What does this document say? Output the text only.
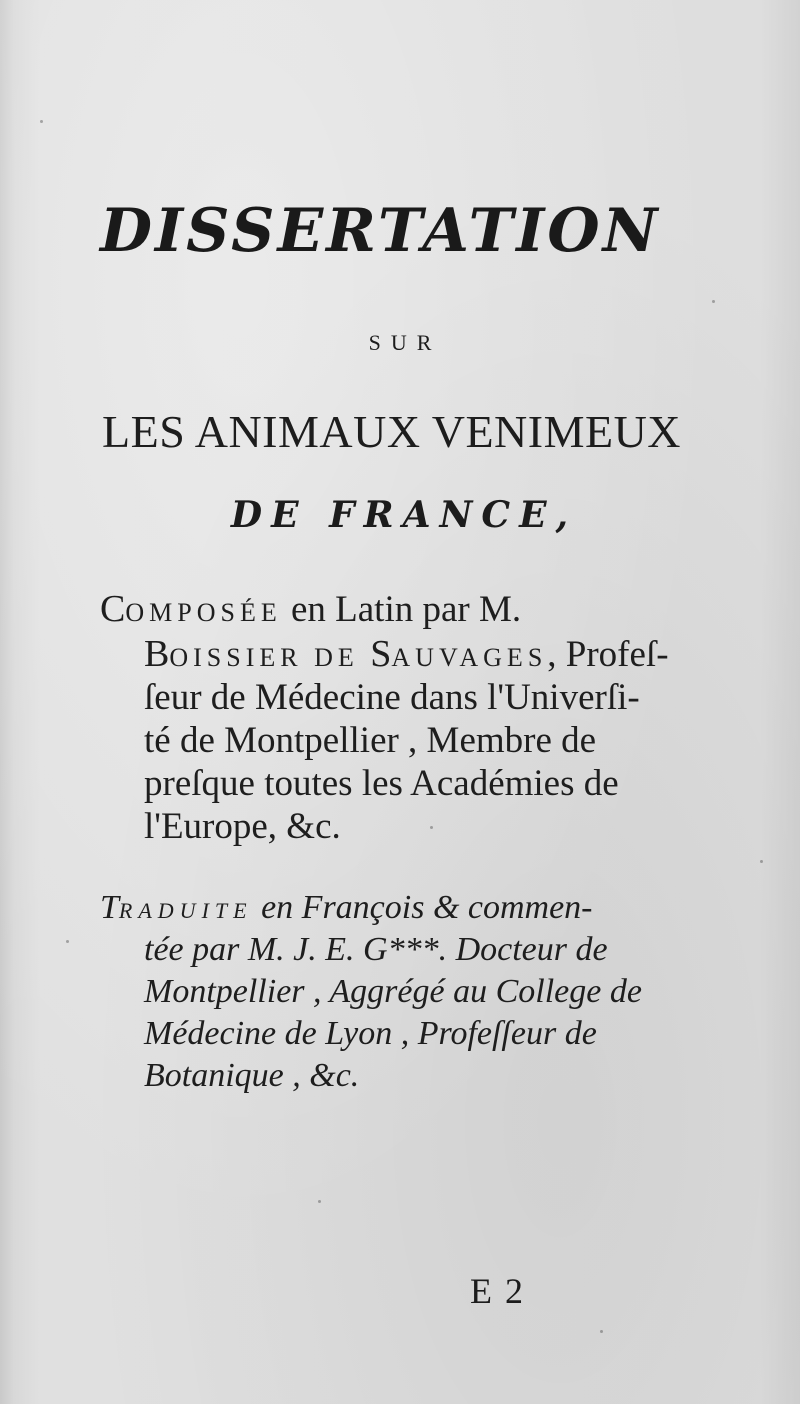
DISSERTATION
SUR
LES ANIMAUX VENIMEUX
DE FRANCE,
COMPOSÉE en Latin par M.
BOISSIER DE SAUVAGES, Profeſ-
ſeur de Médecine dans l'Univerſi-
té de Montpellier , Membre de
preſque toutes les Académies de
l'Europe, &c.
TRADUITE en François & commen-
tée par M. J. E. G***. Docteur de
Montpellier , Aggrégé au College de
Médecine de Lyon , Profeſſeur de
Botanique , &c.
E 2
